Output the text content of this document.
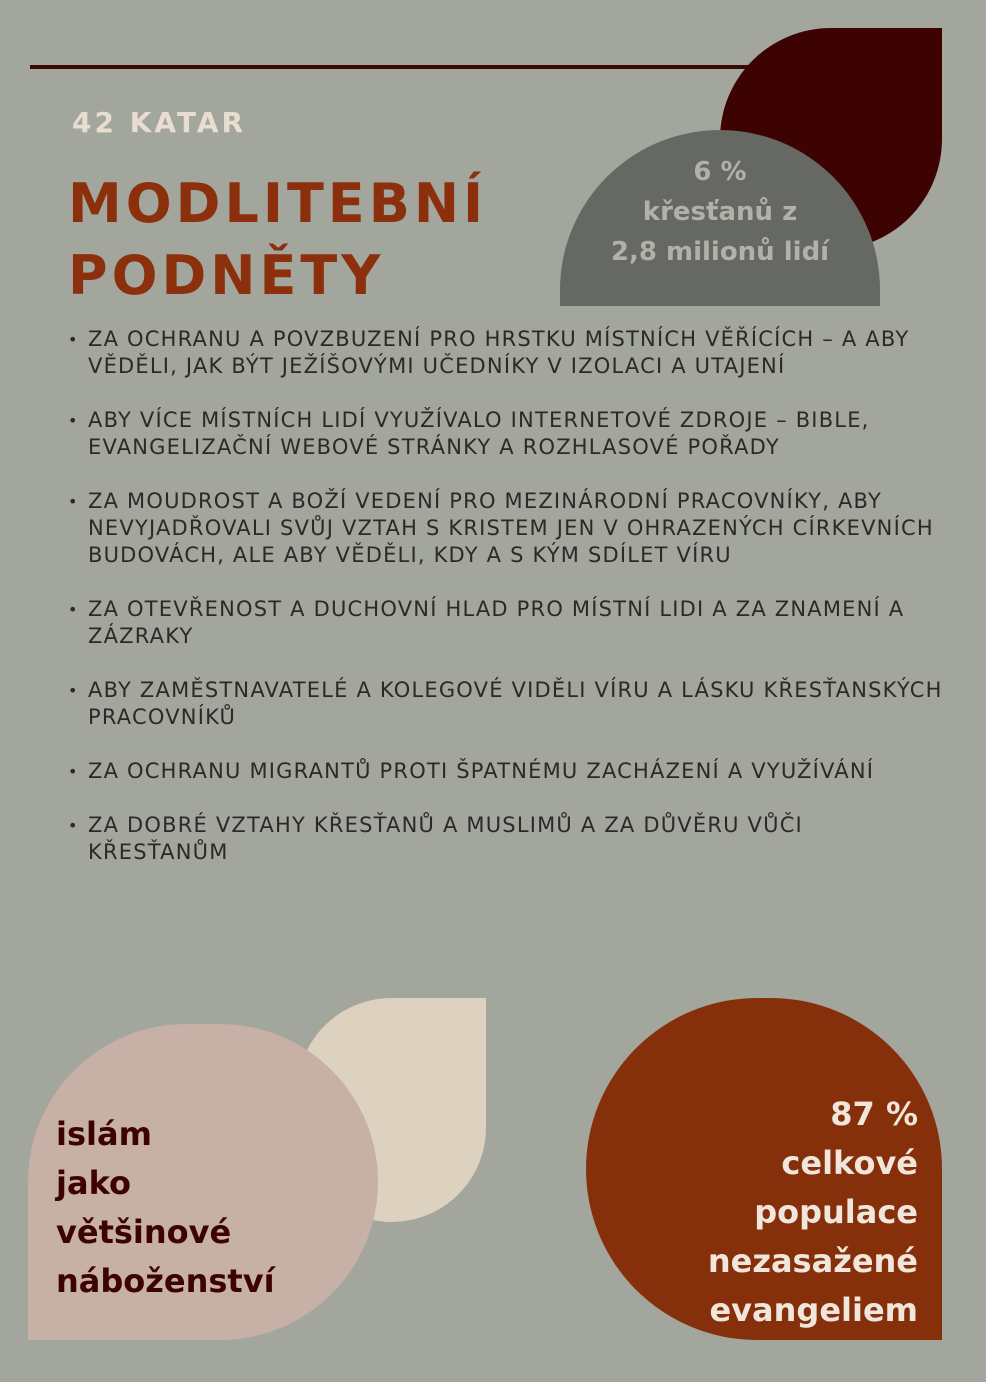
6 %
křesťanů z
2,8 milionů lidí
42 KATAR
MODLITEBNÍ
PODNĚTY
• ZA OCHRANU A POVZBUZENÍ PRO HRSTKU MÍSTNÍCH VĚŘÍCÍCH – A ABY VĚDĚLI, JAK BÝT JEŽÍŠOVÝMI UČEDNÍKY V IZOLACI A UTAJENÍ
• ABY VÍCE MÍSTNÍCH LIDÍ VYUŽÍVALO INTERNETOVÉ ZDROJE – BIBLE, EVANGELIZAČNÍ WEBOVÉ STRÁNKY A ROZHLASOVÉ POŘADY
• ZA MOUDROST A BOŽÍ VEDENÍ PRO MEZINÁRODNÍ PRACOVNÍKY, ABY NEVYJADŘOVALI SVŮJ VZTAH S KRISTEM JEN V OHRAZENÝCH CÍRKEVNÍCH BUDOVÁCH, ALE ABY VĚDĚLI, KDY A S KÝM SDÍLET VÍRU
• ZA OTEVŘENOST A DUCHOVNÍ HLAD PRO MÍSTNÍ LIDI A ZA ZNAMENÍ A ZÁZRAKY
• ABY ZAMĚSTNAVATELÉ A KOLEGOVÉ VIDĚLI VÍRU A LÁSKU KŘESŤANSKÝCH PRACOVNÍKŮ
• ZA OCHRANU MIGRANTŮ PROTI ŠPATNÉMU ZACHÁZENÍ A VYUŽÍVÁNÍ
• ZA DOBRÉ VZTAHY KŘESŤANŮ A MUSLIMŮ A ZA DŮVĚRU VŮČI KŘESŤANŮM
islám
jako
většinové
náboženství
87 %
celkové
populace
nezasažené
evangeliem
